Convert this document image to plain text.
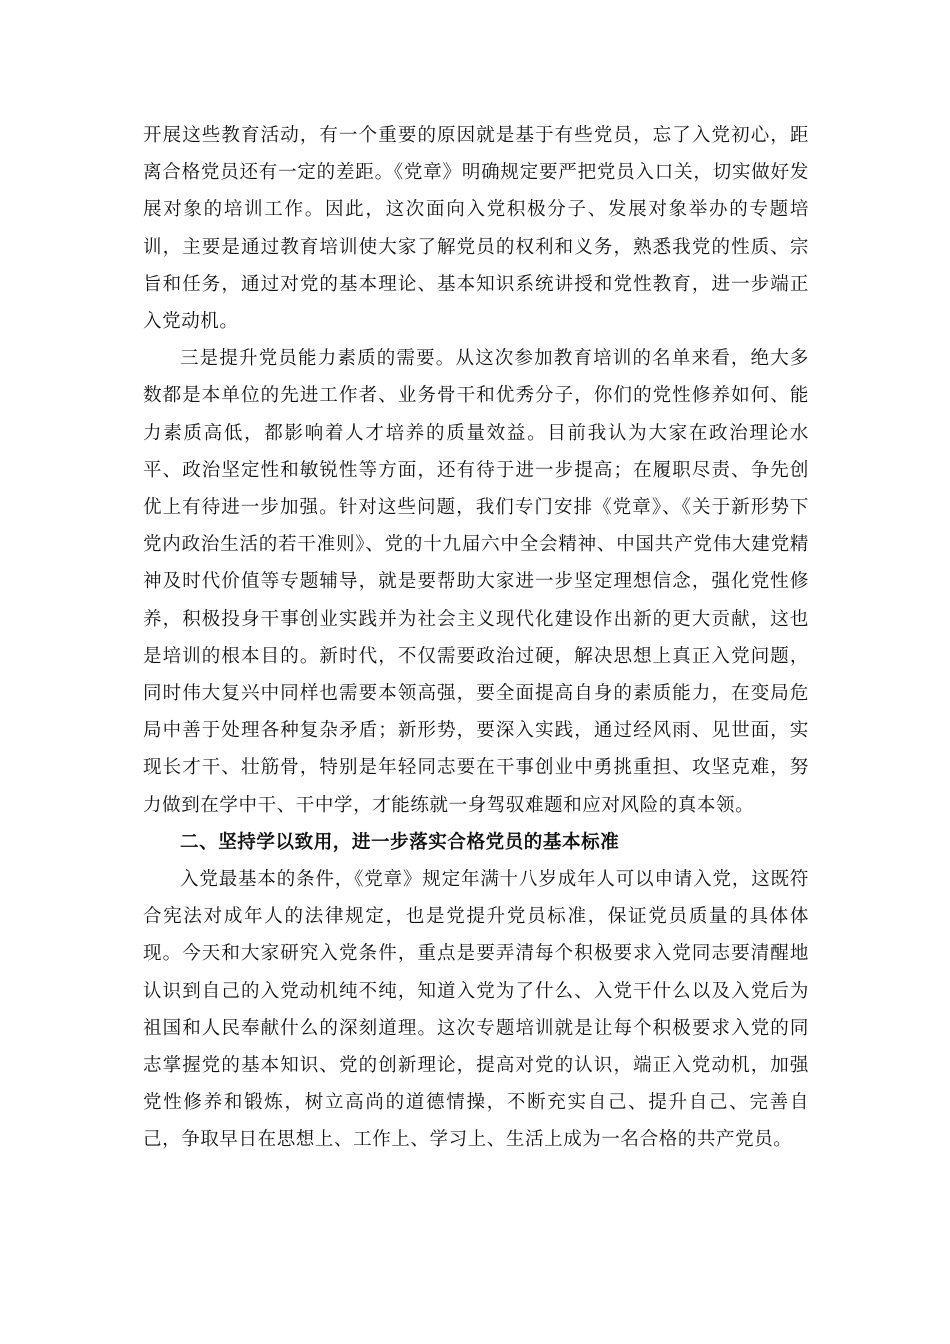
开展这些教育活动，有一个重要的原因就是基于有些党员，忘了入党初心，距离合格党员还有一定的差距。《党章》明确规定要严把党员入口关，切实做好发展对象的培训工作。因此，这次面向入党积极分子、发展对象举办的专题培训，主要是通过教育培训使大家了解党员的权利和义务，熟悉我党的性质、宗旨和任务，通过对党的基本理论、基本知识系统讲授和党性教育，进一步端正入党动机。

三是提升党员能力素质的需要。从这次参加教育培训的名单来看，绝大多数都是本单位的先进工作者、业务骨干和优秀分子，你们的党性修养如何、能力素质高低，都影响着人才培养的质量效益。目前我认为大家在政治理论水平、政治坚定性和敏锐性等方面，还有待于进一步提高；在履职尽责、争先创优上有待进一步加强。针对这些问题，我们专门安排《党章》、《关于新形势下党内政治生活的若干准则》、党的十九届六中全会精神、中国共产党伟大建党精神及时代价值等专题辅导，就是要帮助大家进一步坚定理想信念，强化党性修养，积极投身干事创业实践并为社会主义现代化建设作出新的更大贡献，这也是培训的根本目的。新时代，不仅需要政治过硬，解决思想上真正入党问题，同时伟大复兴中同样也需要本领高强，要全面提高自身的素质能力，在变局危局中善于处理各种复杂矛盾；新形势，要深入实践，通过经风雨、见世面，实现长才干、壮筋骨，特别是年轻同志要在干事创业中勇挑重担、攻坚克难，努力做到在学中干、干中学，才能练就一身驾驭难题和应对风险的真本领。

二、坚持学以致用，进一步落实合格党员的基本标准

入党最基本的条件，《党章》规定年满十八岁成年人可以申请入党，这既符合宪法对成年人的法律规定，也是党提升党员标准，保证党员质量的具体体现。今天和大家研究入党条件，重点是要弄清每个积极要求入党同志要清醒地认识到自己的入党动机纯不纯，知道入党为了什么、入党干什么以及入党后为祖国和人民奉献什么的深刻道理。这次专题培训就是让每个积极要求入党的同志掌握党的基本知识、党的创新理论，提高对党的认识，端正入党动机，加强党性修养和锻炼，树立高尚的道德情操，不断充实自己、提升自己、完善自己，争取早日在思想上、工作上、学习上、生活上成为一名合格的共产党员。
